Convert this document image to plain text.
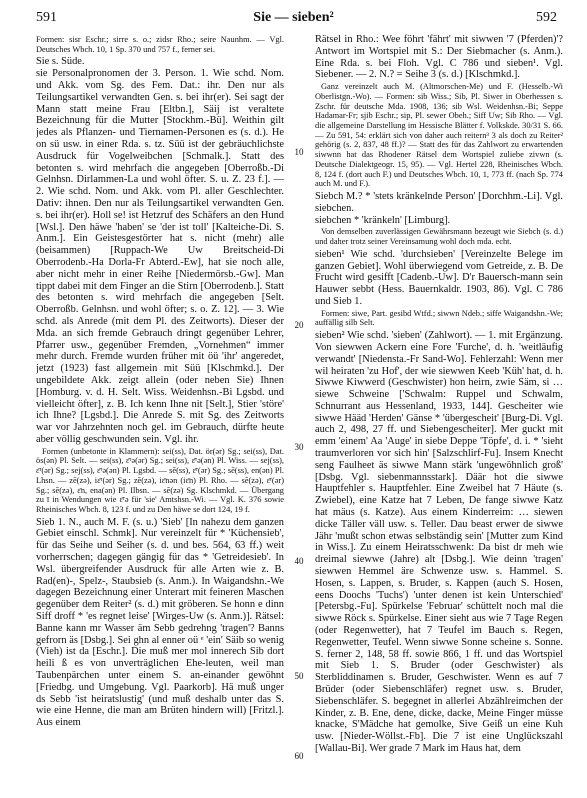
591	Sie — sieben²	592

Formen: sisr Eschr.; sirre s. o.; zidsr Rho.; seire Naunhm. — Vgl. Deutsches Wbch. 10, 1 Sp. 370 und 757 f., ferner sei.

Sie s. Süde.

sie Personalpronomen der 3. Person. 1. Wie schd. Nom. und Akk. vom Sg. des Fem. Dat.: ihr. Den nur als Teilungsartikel verwandten Gen. s. bei ihr(er). Sei sagt der Mann statt meine Frau [Eltbn.], Säij ist veraltete Bezeichnung für die Mutter [Stockhm.-Bü]. Weithin gilt jedes als Pflanzen- und Tiernamen-Personen es (s. d.). He on sü usw. in einer Rda. s. tz. Süü ist der gebräuchlichste Ausdruck für Vogelweibchen [Schmalk.]. Statt des betonten s. wird mehrfach die angegeben [Oberroßb.-Di Gelnhsn. Dirlammen-La und wohl öfter. S. u. Z. 23 f.]. — 2. Wie schd. Nom. und Akk. vom Pl. aller Geschlechter. Dativ: ihnen. Den nur als Teilungsartikel verwandten Gen. s. bei ihr(er). Holl se! ist Hetzruf des Schäfers an den Hund [Wsl.]. Den häwe 'haben' se 'der ist toll' [Kalteiche-Di. S. Anm.]. Ein Geistesgestörter hat s. nicht (mehr) alle (beisammen) [Ruppach-We Uw Breitscheid-Di Oberrodenb.-Ha Dorla-Fr Abterd.-Ew], hat sie noch alle, aber nicht mehr in einer Reihe [Niedermörsb.-Gw]. Man tippt dabei mit dem Finger an die Stirn [Oberrodenb.]. Statt des betonten s. wird mehrfach die angegeben [Selt. Oberroßb. Gelnhsn. und wohl öfter; s. o. Z. 12]. — 3. Wie schd. als Anrede (mit dem Pl. des Zeitworts). Dieser der Mda. an sich fremde Gebrauch dringt gegenüber Lehrer, Pfarrer usw., gegenüber Fremden, „Vornehmen“ immer mehr durch. Fremde wurden früher mit öü 'ihr' angeredet, jetzt (1923) fast allgemein mit Süü [Klschmkd.]. Der ungebildete Akk. zeigt allein (oder neben Sie) Ihnen [Homburg. v. d. H. Selt. Wiss. Weidenhsn.-Bi Lgsbd. und vielleicht öfter], z. B. Ich kenn Ihne nit [Selt.], Stier 'störe' ich Ihne? [Lgsbd.]. Die Anrede S. mit Sg. des Zeitworts war vor Jahrzehnten noch gel. im Gebrauch, dürfte heute aber völlig geschwunden sein. Vgl. ihr.

Formen (unbetonte in Klammern): sei(ss), Dat. ör(ər) Sg.; sei(ss), Dat. ös(ən) Pl. Selt. — sei(ss), ɛ̄ʳə(ər) Sg.; sei(ss), ɛ̄ʳə(ən) Pl. Wiss. — sej(ss), ɛ̄ʳ(ər) Sg.; sej(ss), ɛ̄ʳə(ən) Pl. Lgsbd. — sē(ss), ɛ̄ʳ(ər) Sg.; sē(ss), en(ən) Pl. Lhsn. — zē(zə), iɛ̄ʳ(ər) Sg.; zē(zə), iɛ̄nən (iɛ̄n) Pl. Rho. — sē(zə), ɛ̄ʳ(ər) Sg.; sē(zə), ɛ̄n, ena(ən) Pl. Ilbsn. — sē(zə) Sg. Klschmkd. — Übergang zu ī in Wendungen wie ɛ̄ʳə für 'sie' Amtshsn.-Wi. — Vgl. K. 376 sowie Rheinisches Wbch. 8, 123 f. und zu Den häwe se dort 124, 19 f.

Sieb 1. N., auch M. F. (s. u.) 'Sieb' [In nahezu dem ganzen Gebiet einschl. Schmk]. Nur vereinzelt für * 'Küchensieb', für das Seihe und Seiher (s. d. und bes. 564, 63 ff.) weit vorherrschen; dagegen gängig für das * 'Getreidesieb'. In Wsl. übergreifender Ausdruck für alle Arten wie z. B. Rad(en)-, Spelz-, Staubsieb (s. Anm.). In Waigandshn.-We dagegen Bezeichnung einer Unterart mit feineren Maschen gegenüber dem Reiter² (s. d.) mit gröberen. Se honn e dinn Siff droff * 'es regnet leise' [Wirges-Uw (s. Anm.)]. Rätsel: Banne kann mr Wasser äm Sebb gedrehng 'tragen'? Banns gefrorn äs [Dsbg.]. Sei ghn al enner oü ᵉ 'ein' Säib so wenig (Vieh) ist da [Eschr.]. Die muß mer mol innerech Sib dort heili ß es von unverträglichen Ehe-leuten, weil man Taubenpärchen unter einem S. an-einander gewöhnt [Friedbg. und Umgebung. Vgl. Paarkorb]. Hä muß unger ds Sebb 'ist heiratslustig' (und muß deshalb unter das S. wie eine Henne, die man am Brüten hindern will) [Fritzl.]. Aus einem

10
20
30
40
50
60

Rätsel in Rho.: Wee föhrt 'fährt' mit siwwen '7 (Pferden)'? Antwort im Wortspiel mit S.: Der Siebmacher (s. Anm.). Eine Rda. s. bei Floh. Vgl. C 786 und sieben¹. Vgl. Siebener. — 2. N.? = Seihe 3 (s. d.) [Klschmkd.].

Ganz vereinzelt auch M. (Altmorschen-Me) und F. (Hesselb.-Wi Oberlistgn.-Wo). — Formen: sib Wiss.; Sib, Pl. Siwer in Oberhessen s. Zschr. für deutsche Mda. 1908, 136; sib Wsl. Weidenhsn.-Bi; Seppe Hadamar-Fr; sjib Eschr.; sip, Pl. sewer Obeh.; Siff Uw; Sib Rho. — Vgl. die allgemeine Darstellung im Hessische Blätter f. Volkskde. 30/31 S. 66. — Zu 591, 54: erklärt sich von daher auch reitern³ 3 als doch zu Reiter² gehörig (s. 2, 837, 48 ff.)? — Statt des für das Zahlwort zu erwartenden siwwnn hat das Rhodener Rätsel dem Wortspiel zuliebe zivwn (s. Deutsche Dialektgeogr. 15, 95). — Vgl. Hertel 228, Rheinisches Wbch. 8, 124 f. (dort auch F.) und Deutsches Wbch. 10, 1, 773 ff. (nach Sp. 774 auch M. und F.).

Siebch M.? * 'stets kränkelnde Person' [Dorchhm.-Li]. Vgl. siebchen.

siebchen * 'kränkeln' [Limburg].

Von demselben zuverlässigen Gewährsmann bezeugt wie Siebch (s. d.) und daher trotz seiner Vereinsamung wohl doch mda. echt.

sieben¹ Wie schd. 'durchsieben' [Vereinzelte Belege im ganzen Gebiet]. Wohl überwiegend vom Getreide, z. B. De Frucht wird gesifft [Cadenb.-Uw]. D'r Bauersch-mann sein Hauwer sebbt (Hess. Bauernkaldr. 1903, 86). Vgl. C 786 und Sieb 1.

Formen: siwe, Part. gesibd Wtfd.; siwwn Ndeb.; siffe Waigandshn.-We; auffällig silb Selt.

sieben² Wie schd. 'sieben' (Zahlwort). — 1. mit Ergänzung. Von siewwen Ackern eine Fore 'Furche', d. h. 'weitläufig verwandt' [Niedensta.-Fr Sand-Wo]. Fehlerzahl: Wenn mer wil heiraten 'zu Hof', der wie siewwen Keeb 'Küh' hat, d. h. Siwwe Kiwwerd (Geschwister) hon heirn, zwie Säm, si … siewe Schweine ['Schwalm: Ruppel und Schwalm, Schnurrant aus Hessenland, 1933, 144]. Gescheiter wie siwwe Hääd 'Herden' Gänse * 'übergescheit' [Burg-Di. Vgl. auch 2, 498, 27 ff. und Siebengescheiter]. Mer guckt mit emm 'einem' Aa 'Auge' in siebe Deppe 'Töpfe', d. i. * 'sieht traumverloren vor sich hin' [Salzschlirf-Fu]. Insem Knecht seng Faulheet äs siwwe Mann stärk 'ungewöhnlich groß' [Dsbg. Vgl. siebenmannsstark]. Däär hot die siwwe Hauptfehler s. Hauptfehler. Eine Zweibel hat 7 Häute (s. Zwiebel), eine Katze hat 7 Leben, De fange siwwe Katz hat mäus (s. Katze). Aus einem Kinderreim: … siewen dicke Täller väll usw. s. Teller. Dau beast erwer de siwwe Jähr 'mußt schon etwas selbständig sein' [Mutter zum Kind in Wiss.]. Zu einem Heiratsschwenk: Da bist dr meh wie dreimal siewwe (Jahre) alt [Dsbg.]. Wie deinn 'tragen' siewwen Hemmel äre Schwenze usw. s. Hammel. S. Hosen, s. Lappen, s. Bruder, s. Kappen (auch S. Hosen, eens Doochs 'Tuchs') 'unter denen ist kein Unterschied' [Petersbg.-Fu]. Spürkelse 'Februar' schüttelt noch mal die siwwe Röck s. Spürkelse. Einer sieht aus wie 7 Tage Regen (oder Regenwetter), hat 7 Teufel im Bauch s. Regen, Regenwetter, Teufel. Wenn siwwe Sonne scheine s. Sonne. S. ferner 2, 148, 58 ff. sowie 866, 1 ff. und das Wortspiel mit Sieb 1. S. Bruder (oder Geschwister) als Sterbliddinamen s. Bruder, Geschwister. Wenn es auf 7 Brüder (oder Siebenschläfer) regnet usw. s. Bruder, Siebenschläfer. S. begegnet in allerlei Abzählreimchen der Kinder, z. B. Ene, dene, dicke, dacke, Meine Finger müsse knacke, S'Mädche hat gemolke, Sive Geiß un eine Kuh usw. [Nieder-Wöllst.-Fb]. Die 7 ist eine Unglückszahl [Wallau-Bi]. Wer grade 7 Mark im Haus hat, dem
